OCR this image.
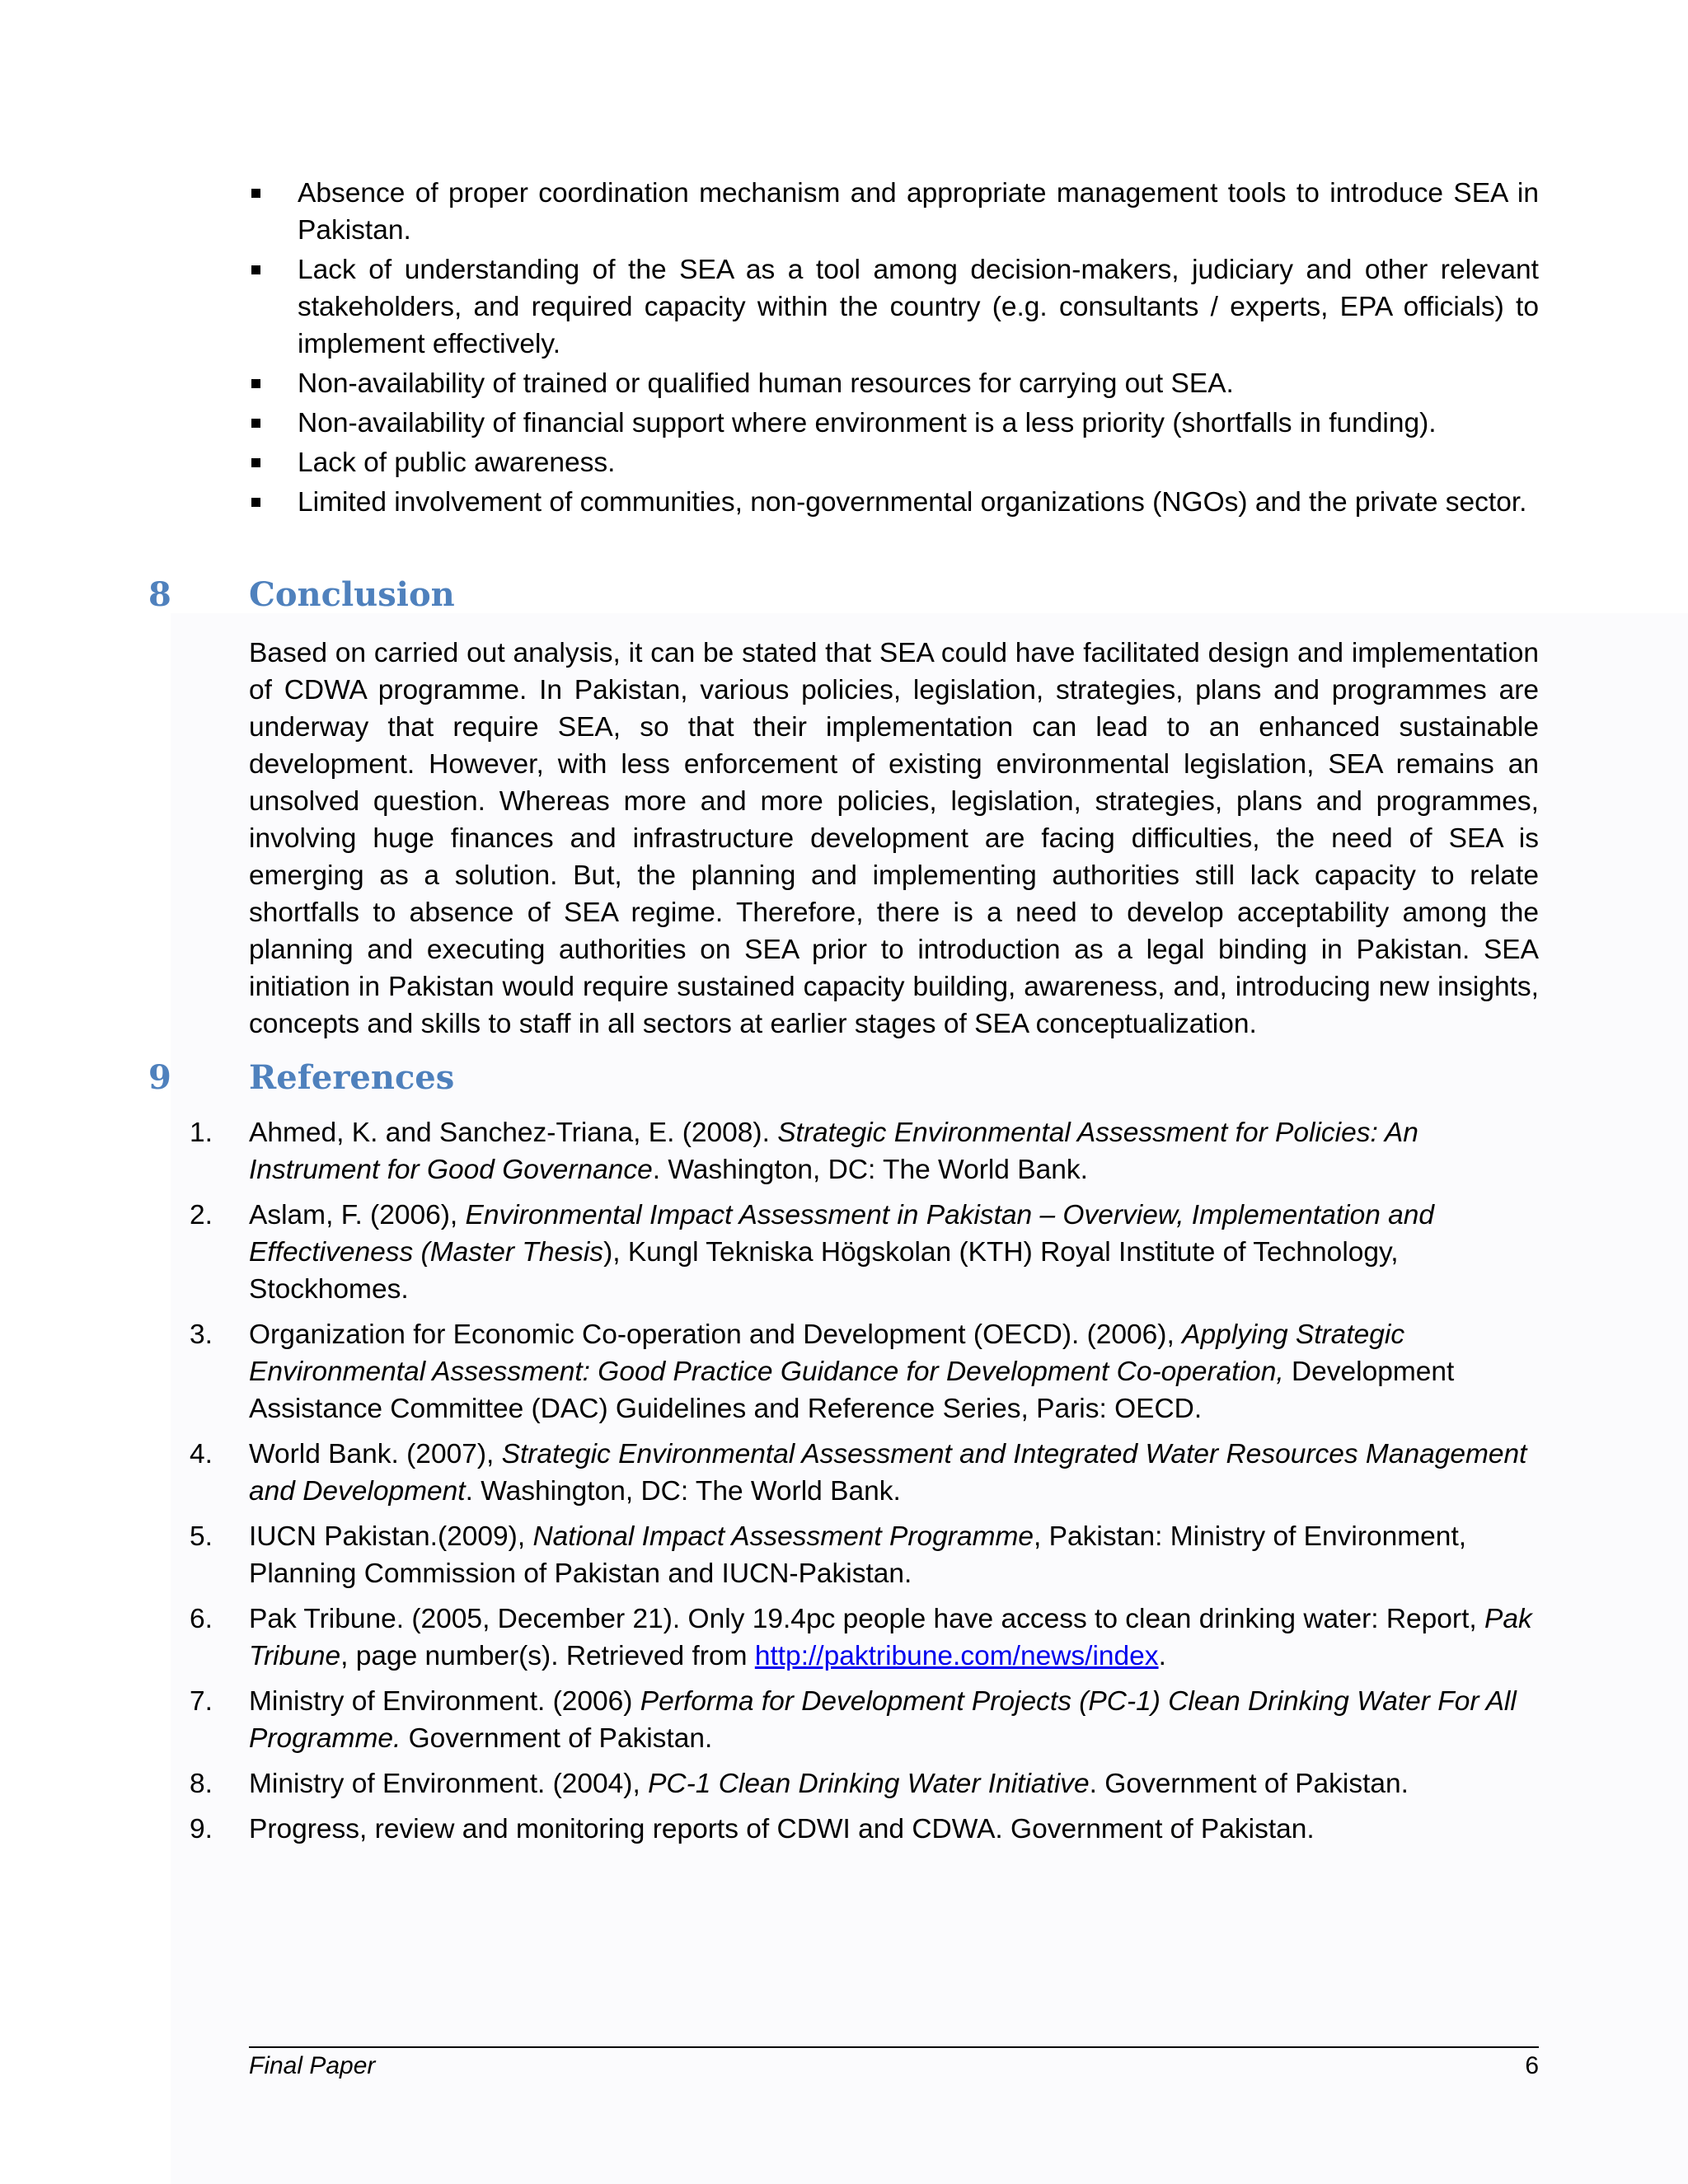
Absence of proper coordination mechanism and appropriate management tools to introduce SEA in Pakistan.
Lack of understanding of the SEA as a tool among decision-makers, judiciary and other relevant stakeholders, and required capacity within the country (e.g. consultants / experts, EPA officials) to implement effectively.
Non-availability of trained or qualified human resources for carrying out SEA.
Non-availability of financial support where environment is a less priority (shortfalls in funding).
Lack of public awareness.
Limited involvement of communities, non-governmental organizations (NGOs) and the private sector.
8 Conclusion

Based on carried out analysis, it can be stated that SEA could have facilitated design and implementation of CDWA programme. In Pakistan, various policies, legislation, strategies, plans and programmes are underway that require SEA, so that their implementation can lead to an enhanced sustainable development. However, with less enforcement of existing environmental legislation, SEA remains an unsolved question. Whereas more and more policies, legislation, strategies, plans and programmes, involving huge finances and infrastructure development are facing difficulties, the need of SEA is emerging as a solution. But, the planning and implementing authorities still lack capacity to relate shortfalls to absence of SEA regime. Therefore, there is a need to develop acceptability among the planning and executing authorities on SEA prior to introduction as a legal binding in Pakistan. SEA initiation in Pakistan would require sustained capacity building, awareness, and, introducing new insights, concepts and skills to staff in all sectors at earlier stages of SEA conceptualization.

9 References
1.	Ahmed, K. and Sanchez-Triana, E. (2008). Strategic Environmental Assessment for Policies: An Instrument for Good Governance. Washington, DC: The World Bank.
2.	Aslam, F. (2006), Environmental Impact Assessment in Pakistan – Overview, Implementation and Effectiveness (Master Thesis), Kungl Tekniska Högskolan (KTH) Royal Institute of Technology, Stockhomes.
3.	Organization for Economic Co-operation and Development (OECD). (2006), Applying Strategic Environmental Assessment: Good Practice Guidance for Development Co-operation, Development Assistance Committee (DAC) Guidelines and Reference Series, Paris: OECD.
4.	World Bank. (2007), Strategic Environmental Assessment and Integrated Water Resources Management and Development. Washington, DC: The World Bank.
5.	IUCN Pakistan.(2009), National Impact Assessment Programme, Pakistan: Ministry of Environment, Planning Commission of Pakistan and IUCN-Pakistan.
6.	Pak Tribune. (2005, December 21). Only 19.4pc people have access to clean drinking water: Report, Pak Tribune, page number(s). Retrieved from http://paktribune.com/news/index.
7.	Ministry of Environment. (2006) Performa for Development Projects (PC-1) Clean Drinking Water For All Programme. Government of Pakistan.
8.	Ministry of Environment. (2004), PC-1 Clean Drinking Water Initiative. Government of Pakistan.
9.	Progress, review and monitoring reports of CDWI and CDWA. Government of Pakistan.
Final Paper	6
